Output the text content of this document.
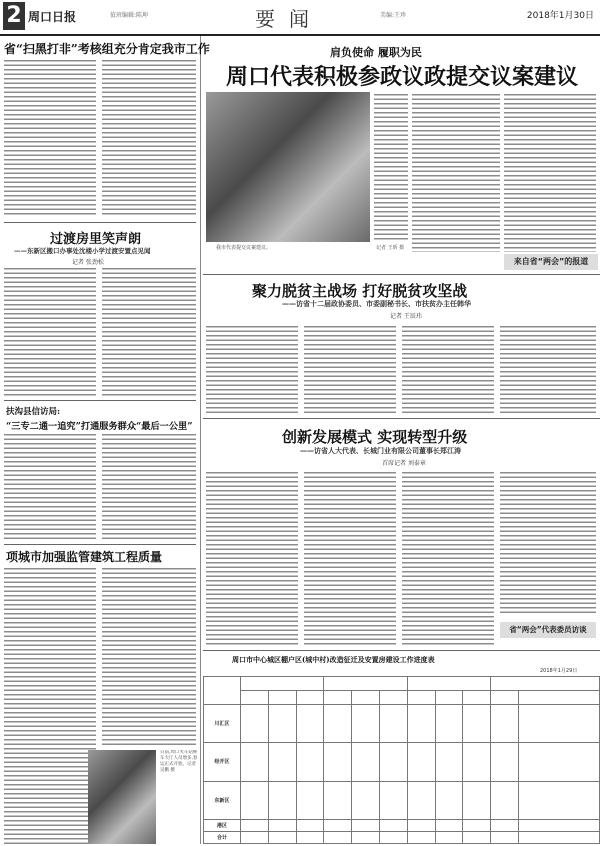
2 周口日报	值班编辑:陈坤	要闻	美编:王珍	2018年1月30日
省“扫黑打非”考核组充分肯定我市工作
过渡房里笑声朗
——东新区搬口办事处沈楼小学过渡安置点见闻
记者 张劲松
扶沟县信访局:
“三专二通一追究”打通服务群众“最后一公里”
项城市加强监管建筑工程质量
日前,周口火车站候车大厅人员增多,春运正式开始。记者 吴鹏 摄
肩负使命 履职为民
周口代表积极参政议政提交议案建议
我市代表提交议案建议。	记者 王昕 摄
来自省“两会”的报道
聚力脱贫主战场 打好脱贫攻坚战
——访省十二届政协委员、市委副秘书长、市扶贫办主任韩华
记者 王辰玮
创新发展模式 实现转型升级
——访省人大代表、长城门业有限公司董事长郑江涛
首席记者 刘泰章
省“两会”代表委员访谈
周口市中心城区棚户区(城中村)改造征迁及安置房建设工作进度表
2018年1月29日

川汇区											
经开区											
东新区											
港区											
合计											
